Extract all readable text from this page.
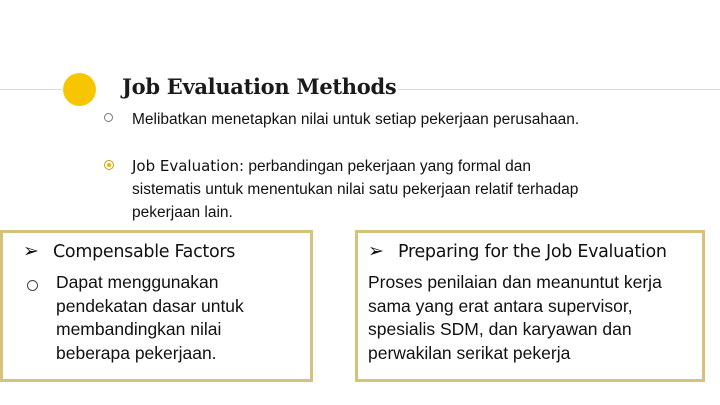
Job Evaluation Methods
Melibatkan menetapkan nilai untuk setiap pekerjaan perusahaan.
Job Evaluation: perbandingan pekerjaan yang formal dan sistematis untuk menentukan nilai satu pekerjaan relatif terhadap pekerjaan lain.
➢ Compensable Factors
Dapat menggunakan pendekatan dasar untuk membandingkan nilai beberapa pekerjaan.
➢ Preparing for the Job Evaluation
Proses penilaian dan meanuntut kerja sama yang erat antara supervisor, spesialis SDM, dan karyawan dan perwakilan serikat pekerja
